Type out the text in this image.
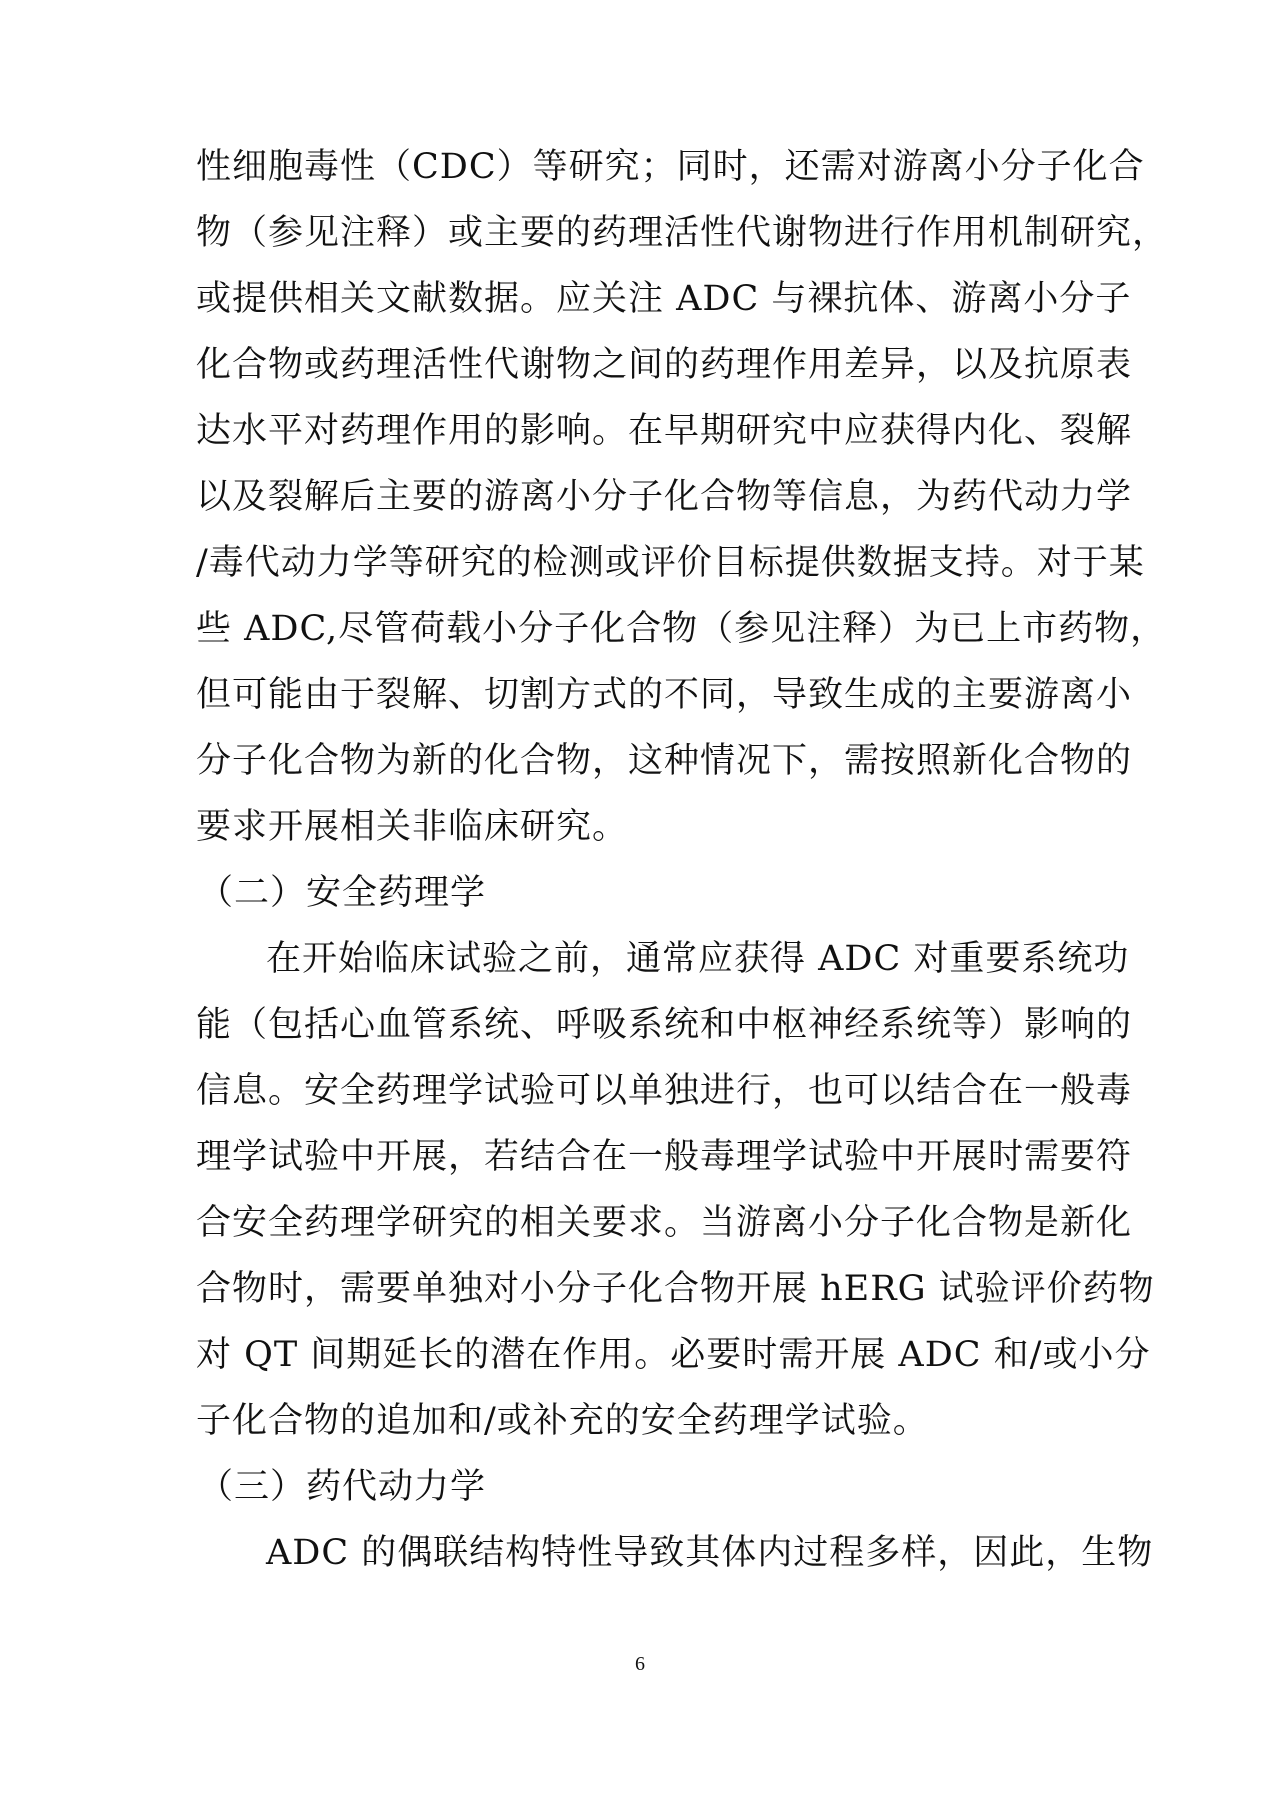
性细胞毒性（CDC）等研究；同时，还需对游离小分子化合
物（参见注释）或主要的药理活性代谢物进行作用机制研究，
或提供相关文献数据。应关注 ADC 与裸抗体、游离小分子
化合物或药理活性代谢物之间的药理作用差异，以及抗原表
达水平对药理作用的影响。在早期研究中应获得内化、裂解
以及裂解后主要的游离小分子化合物等信息，为药代动力学
/毒代动力学等研究的检测或评价目标提供数据支持。对于某
些 ADC,尽管荷载小分子化合物（参见注释）为已上市药物，
但可能由于裂解、切割方式的不同，导致生成的主要游离小
分子化合物为新的化合物，这种情况下，需按照新化合物的
要求开展相关非临床研究。
（二）安全药理学
在开始临床试验之前，通常应获得 ADC 对重要系统功
能（包括心血管系统、呼吸系统和中枢神经系统等）影响的
信息。安全药理学试验可以单独进行，也可以结合在一般毒
理学试验中开展，若结合在一般毒理学试验中开展时需要符
合安全药理学研究的相关要求。当游离小分子化合物是新化
合物时，需要单独对小分子化合物开展 hERG 试验评价药物
对 QT 间期延长的潜在作用。必要时需开展 ADC 和/或小分
子化合物的追加和/或补充的安全药理学试验。
（三）药代动力学
ADC 的偶联结构特性导致其体内过程多样，因此，生物
6
